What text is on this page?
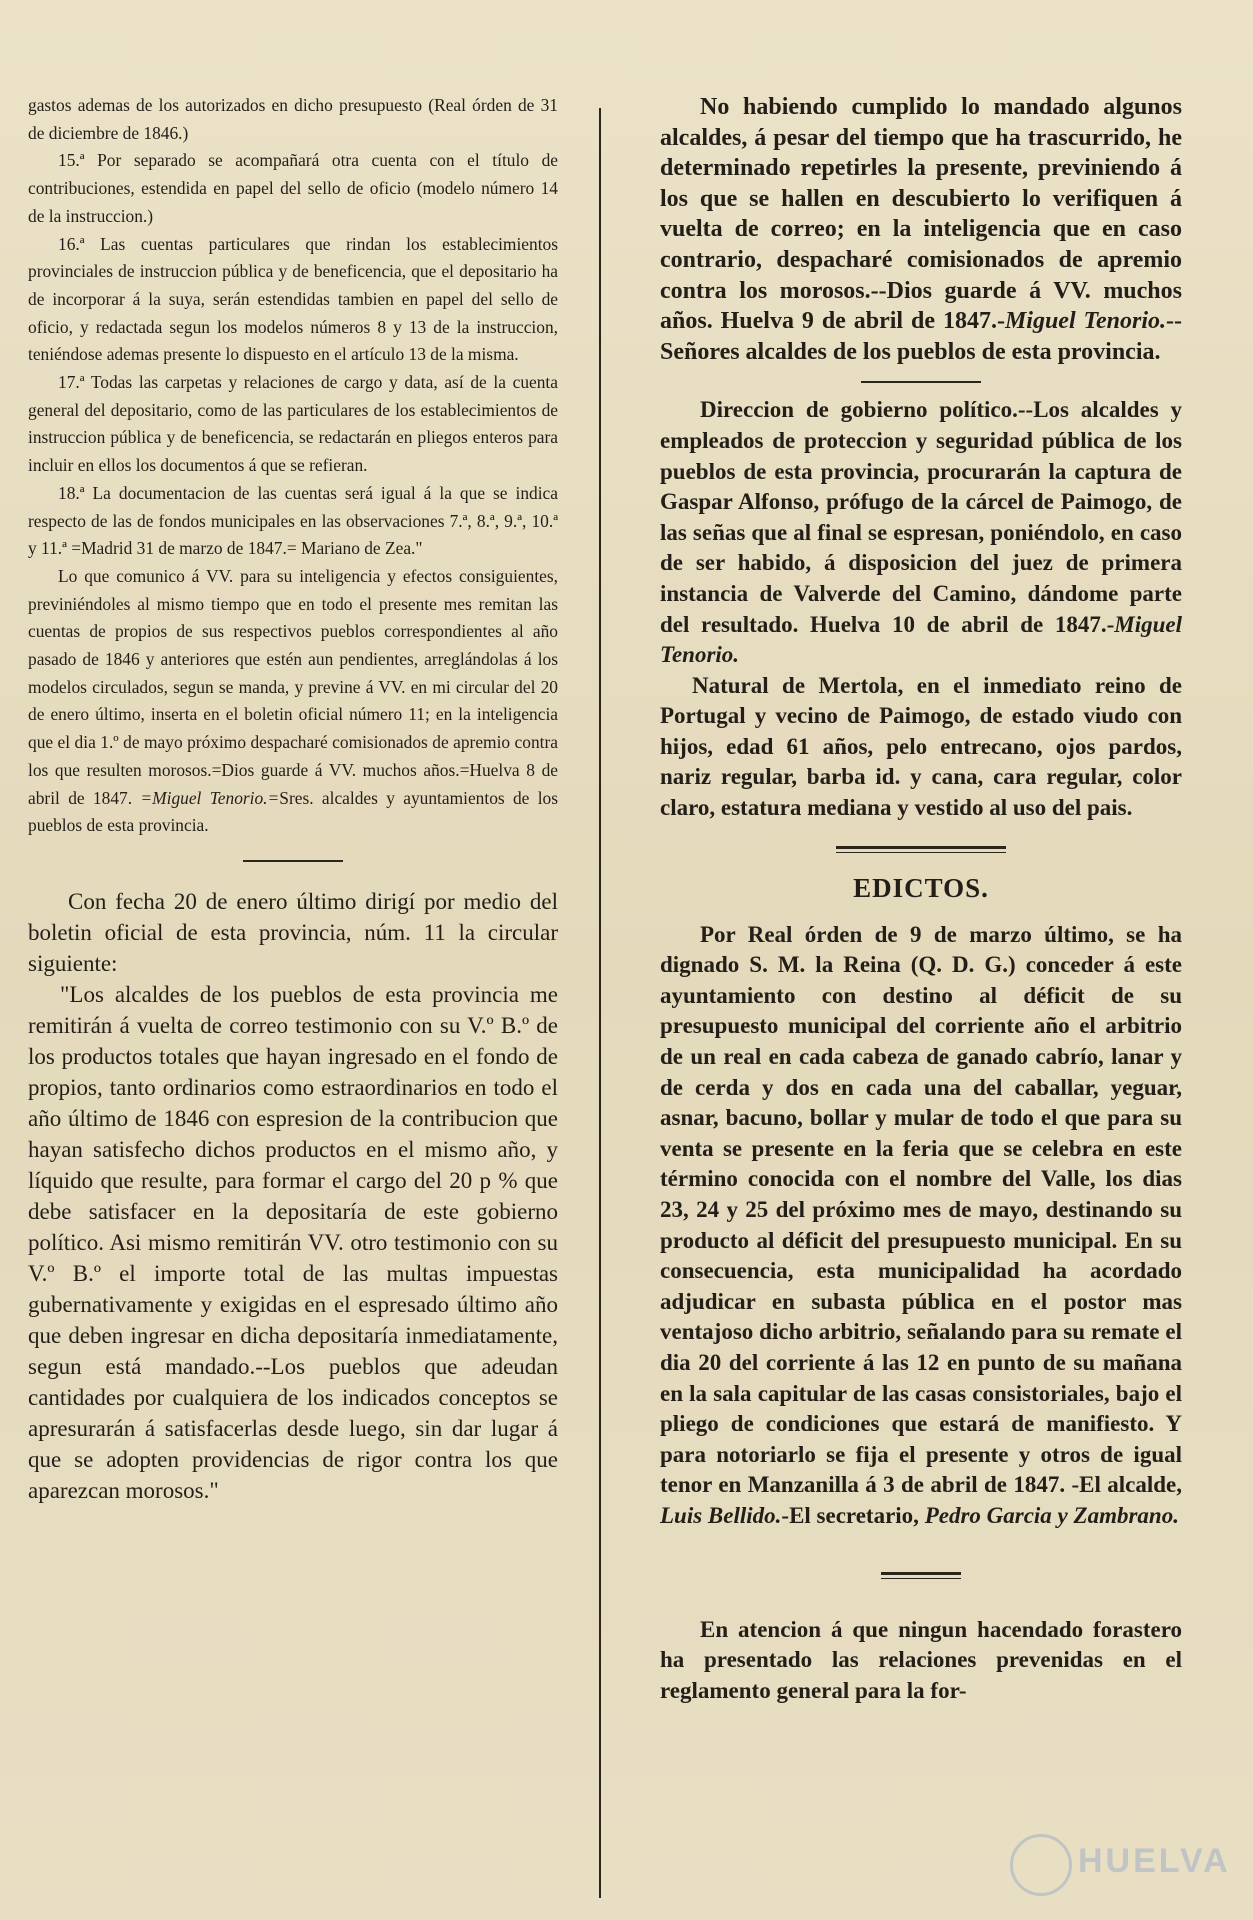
gastos ademas de los autorizados en dicho presupuesto (Real órden de 31 de diciembre de 1846.)

15.ª Por separado se acompañará otra cuenta con el título de contribuciones, estendida en papel del sello de oficio (modelo número 14 de la instruccion.)

16.ª Las cuentas particulares que rindan los establecimientos provinciales de instruccion pública y de beneficencia, que el depositario ha de incorporar á la suya, serán estendidas tambien en papel del sello de oficio, y redactada segun los modelos números 8 y 13 de la instruccion, teniéndose ademas presente lo dispuesto en el artículo 13 de la misma.

17.ª Todas las carpetas y relaciones de cargo y data, así de la cuenta general del depositario, como de las particulares de los establecimientos de instruccion pública y de beneficencia, se redactarán en pliegos enteros para incluir en ellos los documentos á que se refieran.

18.ª La documentacion de las cuentas será igual á la que se indica respecto de las de fondos municipales en las observaciones 7.ª, 8.ª, 9.ª, 10.ª y 11.ª =Madrid 31 de marzo de 1847.= Mariano de Zea."

Lo que comunico á VV. para su inteligencia y efectos consiguientes, previniéndoles al mismo tiempo que en todo el presente mes remitan las cuentas de propios de sus respectivos pueblos correspondientes al año pasado de 1846 y anteriores que estén aun pendientes, arreglándolas á los modelos circulados, segun se manda, y previne á VV. en mi circular del 20 de enero último, inserta en el boletin oficial número 11; en la inteligencia que el dia 1.º de mayo próximo despacharé comisionados de apremio contra los que resulten morosos.=Dios guarde á VV. muchos años.=Huelva 8 de abril de 1847. =Miguel Tenorio.=Sres. alcaldes y ayuntamientos de los pueblos de esta provincia.

Con fecha 20 de enero último dirigí por medio del boletin oficial de esta provincia, núm. 11 la circular siguiente:

"Los alcaldes de los pueblos de esta provincia me remitirán á vuelta de correo testimonio con su V.º B.º de los productos totales que hayan ingresado en el fondo de propios, tanto ordinarios como estraordinarios en todo el año último de 1846 con espresion de la contribucion que hayan satisfecho dichos productos en el mismo año, y líquido que resulte, para formar el cargo del 20 p % que debe satisfacer en la depositaría de este gobierno político. Asi mismo remitirán VV. otro testimonio con su V.º B.º el importe total de las multas impuestas gubernativamente y exigidas en el espresado último año que deben ingresar en dicha depositaría inmediatamente, segun está mandado.--Los pueblos que adeudan cantidades por cualquiera de los indicados conceptos se apresurarán á satisfacerlas desde luego, sin dar lugar á que se adopten providencias de rigor contra los que aparezcan morosos."

No habiendo cumplido lo mandado algunos alcaldes, á pesar del tiempo que ha trascurrido, he determinado repetirles la presente, previniendo á los que se hallen en descubierto lo verifiquen á vuelta de correo; en la inteligencia que en caso contrario, despacharé comisionados de apremio contra los morosos.--Dios guarde á VV. muchos años. Huelva 9 de abril de 1847.-Miguel Tenorio.--Señores alcaldes de los pueblos de esta provincia.

Direccion de gobierno político.--Los alcaldes y empleados de proteccion y seguridad pública de los pueblos de esta provincia, procurarán la captura de Gaspar Alfonso, prófugo de la cárcel de Paimogo, de las señas que al final se espresan, poniéndolo, en caso de ser habido, á disposicion del juez de primera instancia de Valverde del Camino, dándome parte del resultado. Huelva 10 de abril de 1847.-Miguel Tenorio.

Natural de Mertola, en el inmediato reino de Portugal y vecino de Paimogo, de estado viudo con hijos, edad 61 años, pelo entrecano, ojos pardos, nariz regular, barba id. y cana, cara regular, color claro, estatura mediana y vestido al uso del pais.

EDICTOS.

Por Real órden de 9 de marzo último, se ha dignado S. M. la Reina (Q. D. G.) conceder á este ayuntamiento con destino al déficit de su presupuesto municipal del corriente año el arbitrio de un real en cada cabeza de ganado cabrío, lanar y de cerda y dos en cada una del caballar, yeguar, asnar, bacuno, bollar y mular de todo el que para su venta se presente en la feria que se celebra en este término conocida con el nombre del Valle, los dias 23, 24 y 25 del próximo mes de mayo, destinando su producto al déficit del presupuesto municipal. En su consecuencia, esta municipalidad ha acordado adjudicar en subasta pública en el postor mas ventajoso dicho arbitrio, señalando para su remate el dia 20 del corriente á las 12 en punto de su mañana en la sala capitular de las casas consistoriales, bajo el pliego de condiciones que estará de manifiesto. Y para notoriarlo se fija el presente y otros de igual tenor en Manzanilla á 3 de abril de 1847. -El alcalde, Luis Bellido.-El secretario, Pedro Garcia y Zambrano.

En atencion á que ningun hacendado forastero ha presentado las relaciones prevenidas en el reglamento general para la for-

HUELVA
